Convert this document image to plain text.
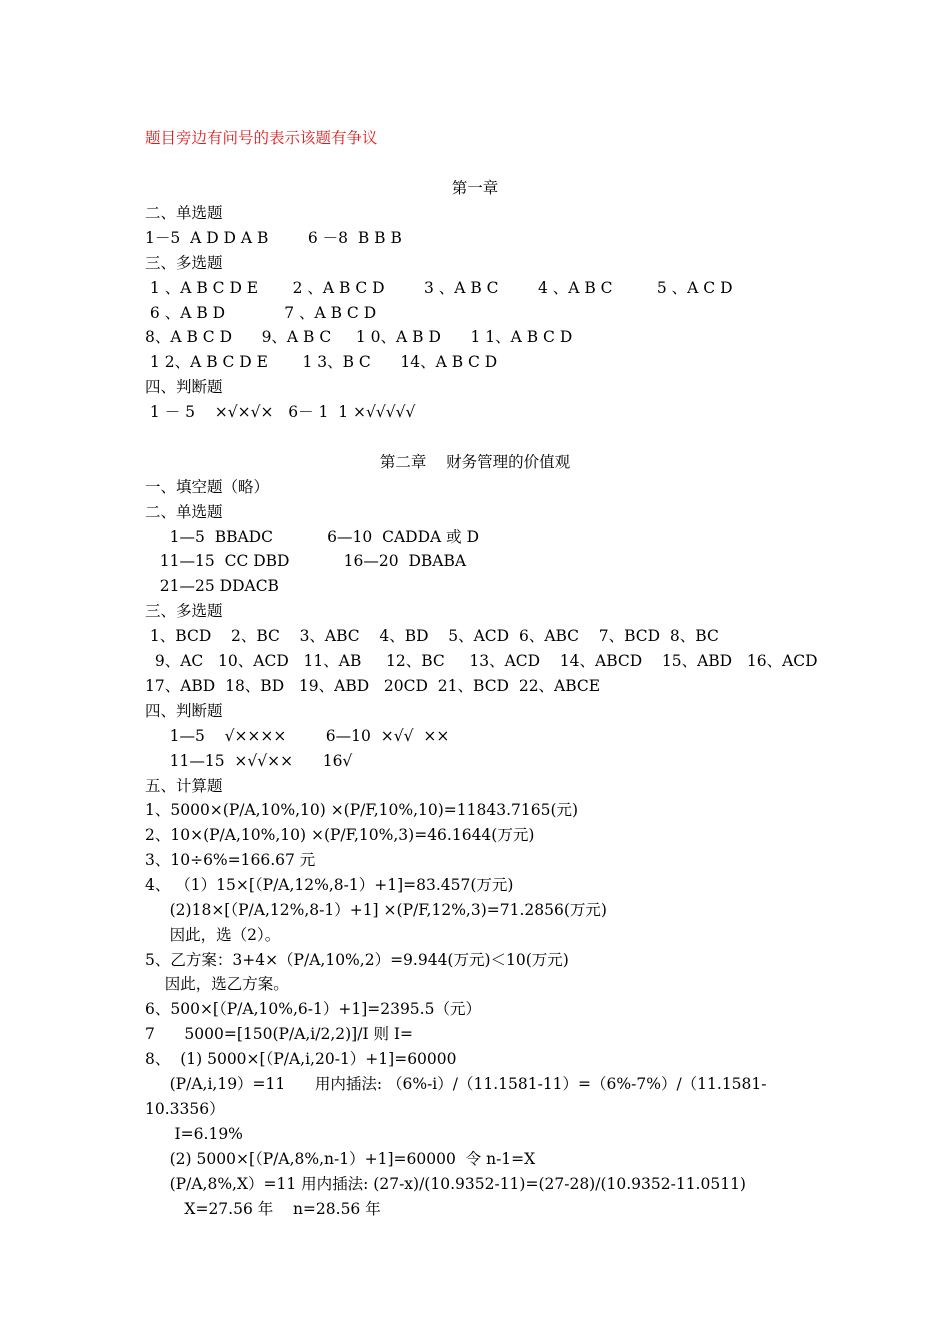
题目旁边有问号的表示该题有争议
第一章
二、单选题
1－5  A D D A B        6 －8  B B B
三、多选题
1 、A B C D E       2 、A B C D        3 、A B C        4 、A B C         5 、A C D
6 、A B D            7 、A B C D
8、A B C D      9、A B C     1 0、A B D      1 1、A B C D
1 2、A B C D E       1 3、B C      14、A B C D
四、判断题
1 － 5    ×√×√×   6－ 1  1 ×√√√√√
第二章    财务管理的价值观
一、填空题（略）
二、单选题
1—5  BBADC           6—10  CADDA 或 D
11—15  CC DBD           16—20  DBABA
21—25 DDACB
三、多选题
1、BCD    2、BC    3、ABC    4、BD    5、ACD  6、ABC    7、BCD  8、BC
9、AC   10、ACD   11、AB     12、BC     13、ACD    14、ABCD    15、ABD   16、ACD
17、ABD  18、BD   19、ABD   20CD  21、BCD  22、ABCE
四、判断题
1—5    √××××        6—10  ×√√  ××
11—15  ×√√××      16√
五、计算题
1、5000×(P/A,10%,10) ×(P/F,10%,10)=11843.7165(元)
2、10×(P/A,10%,10) ×(P/F,10%,3)=46.1644(万元)
3、10÷6%=166.67 元
4、 （1）15×[（P/A,12%,8-1）+1]=83.457(万元)
(2)18×[（P/A,12%,8-1）+1] ×(P/F,12%,3)=71.2856(万元)
因此，选（2）。
5、乙方案：3+4×（P/A,10%,2）=9.944(万元)＜10(万元)
因此，选乙方案。
6、500×[（P/A,10%,6-1）+1]=2395.5（元）
7      5000=[150(P/A,i/2,2)]/I 则 I=
8、  (1) 5000×[（P/A,i,20-1）+1]=60000
(P/A,i,19）=11      用内插法: （6%-i）/（11.1581-11）=（6%-7%）/（11.1581-
10.3356）
I=6.19%
(2) 5000×[（P/A,8%,n-1）+1]=60000  令 n-1=X
(P/A,8%,X）=11 用内插法: (27-x)/(10.9352-11)=(27-28)/(10.9352-11.0511)
X=27.56 年    n=28.56 年
